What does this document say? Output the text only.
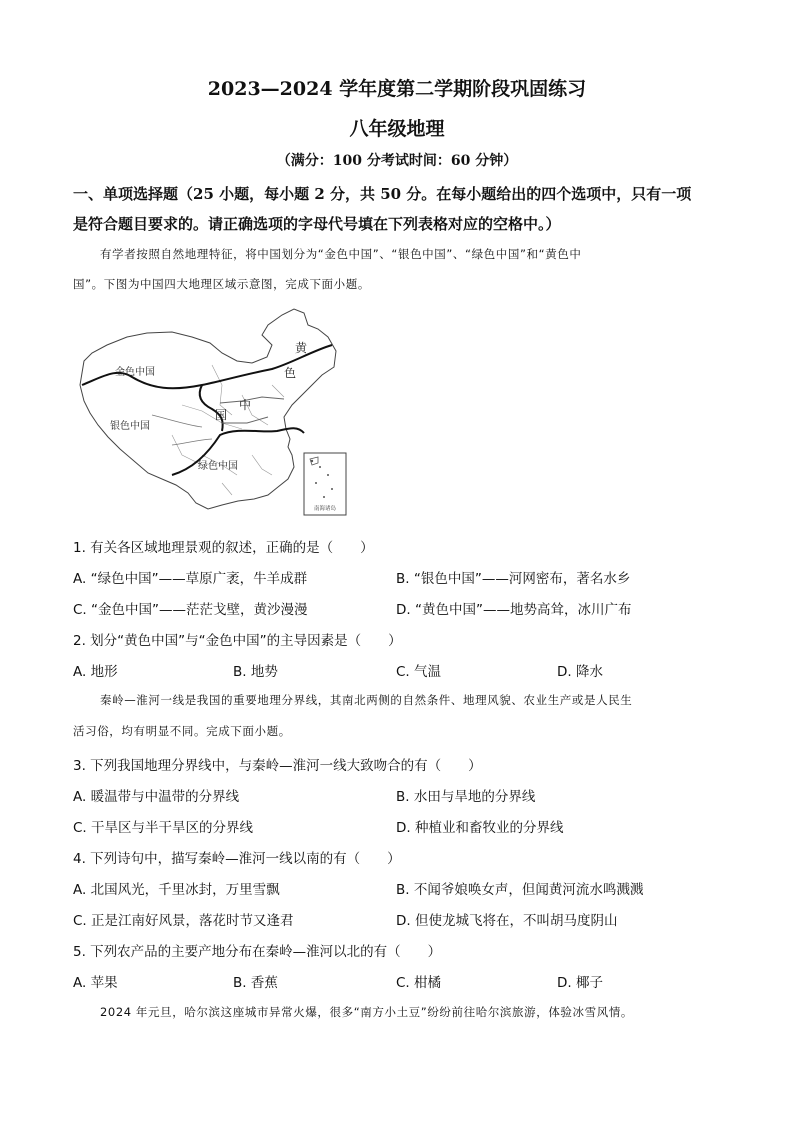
2023—2024 学年度第二学期阶段巩固练习
八年级地理
（满分：100 分考试时间：60 分钟）
一、单项选择题（25 小题，每小题 2 分，共 50 分。在每小题给出的四个选项中，只有一项
是符合题目要求的。请正确选项的字母代号填在下列表格对应的空格中。）
有学者按照自然地理特征，将中国划分为“金色中国”、“银色中国”、“绿色中国”和“黄色中
国”。下图为中国四大地理区域示意图，完成下面小题。
南海诸岛
金色中国
银色中国
绿色中国
黄
色
中
国
1. 有关各区域地理景观的叙述，正确的是（　　）
A. “绿色中国”——草原广袤，牛羊成群	B. “银色中国”——河网密布，著名水乡
C. “金色中国”——茫茫戈壁，黄沙漫漫	D. “黄色中国”——地势高耸，冰川广布
2. 划分“黄色中国”与“金色中国”的主导因素是（　　）
A. 地形	B. 地势	C. 气温	D. 降水
秦岭—淮河一线是我国的重要地理分界线，其南北两侧的自然条件、地理风貌、农业生产或是人民生
活习俗，均有明显不同。完成下面小题。
3. 下列我国地理分界线中，与秦岭—淮河一线大致吻合的有（　　）
A. 暖温带与中温带的分界线	B. 水田与旱地的分界线
C. 干旱区与半干旱区的分界线	D. 种植业和畜牧业的分界线
4. 下列诗句中，描写秦岭—淮河一线以南的有（　　）
A. 北国风光，千里冰封，万里雪飘	B. 不闻爷娘唤女声，但闻黄河流水鸣溅溅
C. 正是江南好风景，落花时节又逢君	D. 但使龙城飞将在，不叫胡马度阴山
5. 下列农产品的主要产地分布在秦岭—淮河以北的有（　　）
A. 苹果	B. 香蕉	C. 柑橘	D. 椰子
2024 年元旦，哈尔滨这座城市异常火爆，很多“南方小土豆”纷纷前往哈尔滨旅游，体验冰雪风情。
